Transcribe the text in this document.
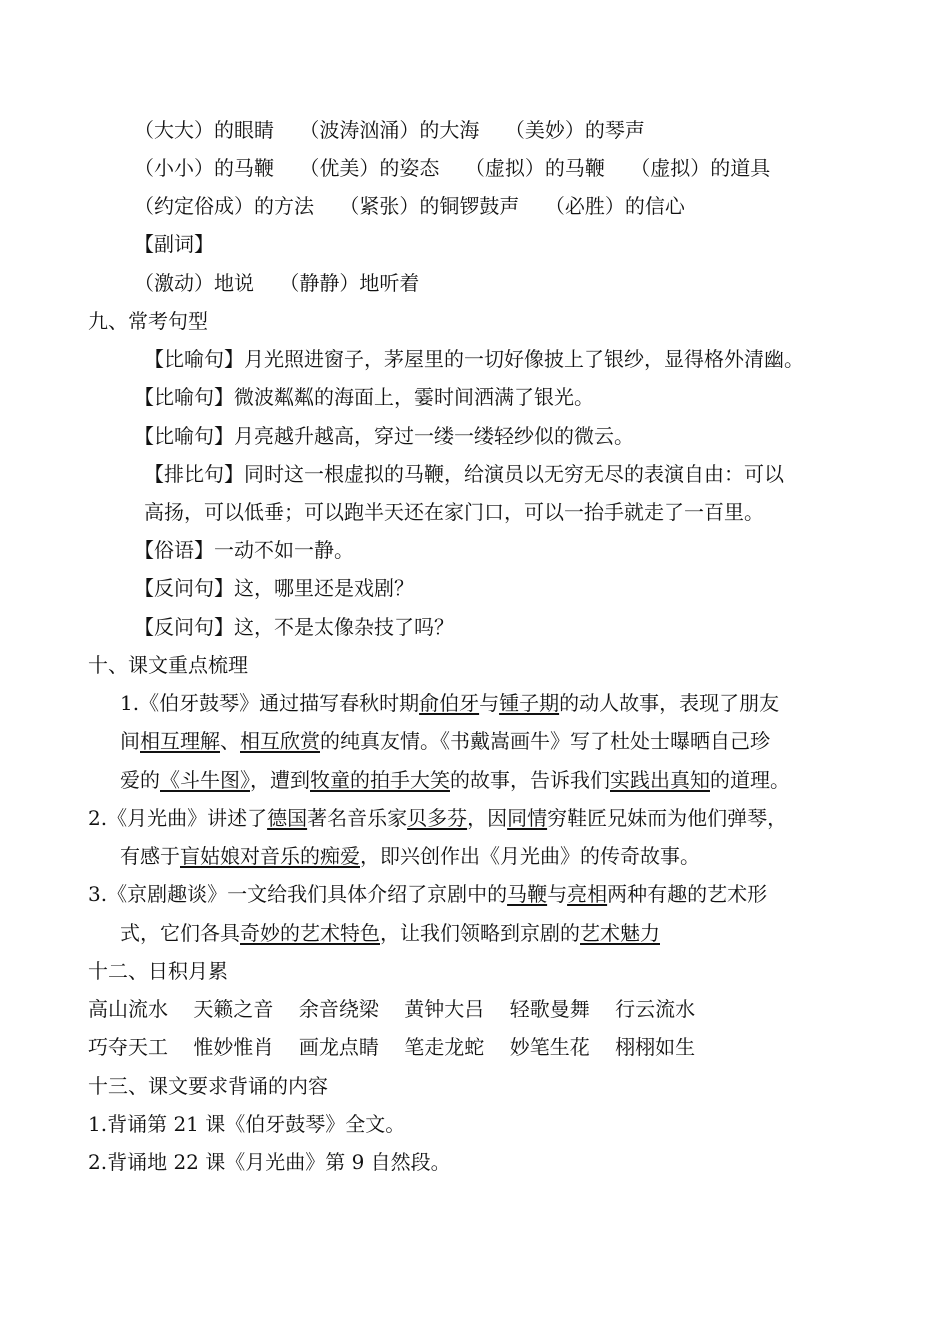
（大大）的眼睛    （波涛汹涌）的大海    （美妙）的琴声
（小小）的马鞭    （优美）的姿态    （虚拟）的马鞭    （虚拟）的道具
（约定俗成）的方法    （紧张）的铜锣鼓声    （必胜）的信心
【副词】
（激动）地说    （静静）地听着
九、常考句型
【比喻句】月光照进窗子，茅屋里的一切好像披上了银纱，显得格外清幽。
【比喻句】微波粼粼的海面上，霎时间洒满了银光。
【比喻句】月亮越升越高，穿过一缕一缕轻纱似的微云。
【排比句】同时这一根虚拟的马鞭，给演员以无穷无尽的表演自由：可以
高扬，可以低垂；可以跑半天还在家门口，可以一抬手就走了一百里。
【俗语】一动不如一静。
【反问句】这，哪里还是戏剧？
【反问句】这，不是太像杂技了吗？
十、课文重点梳理
1.《伯牙鼓琴》通过描写春秋时期俞伯牙与锺子期的动人故事，表现了朋友
间相互理解、相互欣赏的纯真友情。《书戴嵩画牛》写了杜处士曝晒自己珍
爱的《斗牛图》，遭到牧童的拍手大笑的故事，告诉我们实践出真知的道理。
2.《月光曲》讲述了德国著名音乐家贝多芬，因同情穷鞋匠兄妹而为他们弹琴，
有感于盲姑娘对音乐的痴爱，即兴创作出《月光曲》的传奇故事。
3.《京剧趣谈》一文给我们具体介绍了京剧中的马鞭与亮相两种有趣的艺术形
式，它们各具奇妙的艺术特色，让我们领略到京剧的艺术魅力
十二、日积月累
高山流水    天籁之音    余音绕梁    黄钟大吕    轻歌曼舞    行云流水
巧夺天工    惟妙惟肖    画龙点睛    笔走龙蛇    妙笔生花    栩栩如生
十三、课文要求背诵的内容
1.背诵第 21 课《伯牙鼓琴》全文。
2.背诵地 22 课《月光曲》第 9 自然段。
